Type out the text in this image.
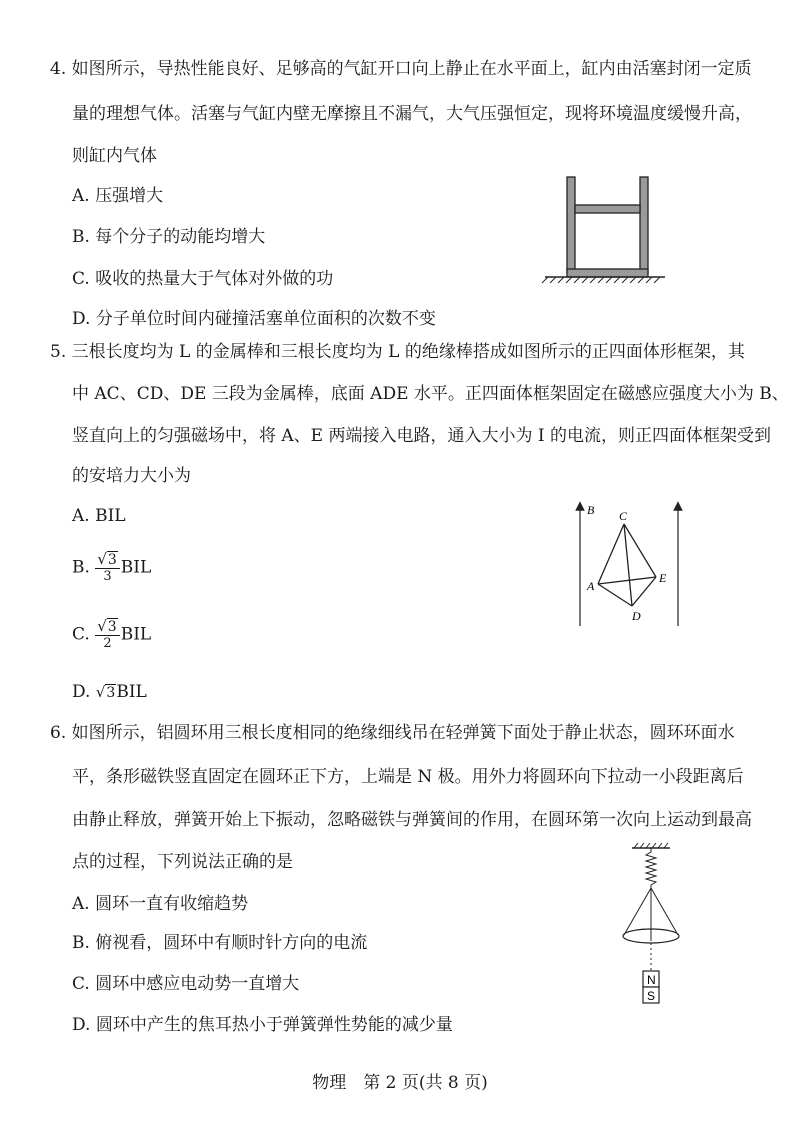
4. 如图所示，导热性能良好、足够高的气缸开口向上静止在水平面上，缸内由活塞封闭一定质
量的理想气体。活塞与气缸内壁无摩擦且不漏气，大气压强恒定，现将环境温度缓慢升高，
则缸内气体
A. 压强增大
B. 每个分子的动能均增大
C. 吸收的热量大于气体对外做的功
D. 分子单位时间内碰撞活塞单位面积的次数不变
5. 三根长度均为 L 的金属棒和三根长度均为 L 的绝缘棒搭成如图所示的正四面体形框架，其
中 AC、CD、DE 三段为金属棒，底面 ADE 水平。正四面体框架固定在磁感应强度大小为 B、
竖直向上的匀强磁场中，将 A、E 两端接入电路，通入大小为 I 的电流，则正四面体框架受到
的安培力大小为
A. BIL
B. $\frac{√3}{3}$ BIL
C. $\frac{√3}{2}$ BIL
D. √3BIL
B C
A
E
D
6. 如图所示，铝圆环用三根长度相同的绝缘细线吊在轻弹簧下面处于静止状态，圆环环面水
平，条形磁铁竖直固定在圆环正下方，上端是 N 极。用外力将圆环向下拉动一小段距离后
由静止释放，弹簧开始上下振动，忽略磁铁与弹簧间的作用，在圆环第一次向上运动到最高
点的过程，下列说法正确的是
A. 圆环一直有收缩趋势
B. 俯视看，圆环中有顺时针方向的电流
C. 圆环中感应电动势一直增大
D. 圆环中产生的焦耳热小于弹簧弹性势能的减少量
N
S
物理　第 2 页(共 8 页)
